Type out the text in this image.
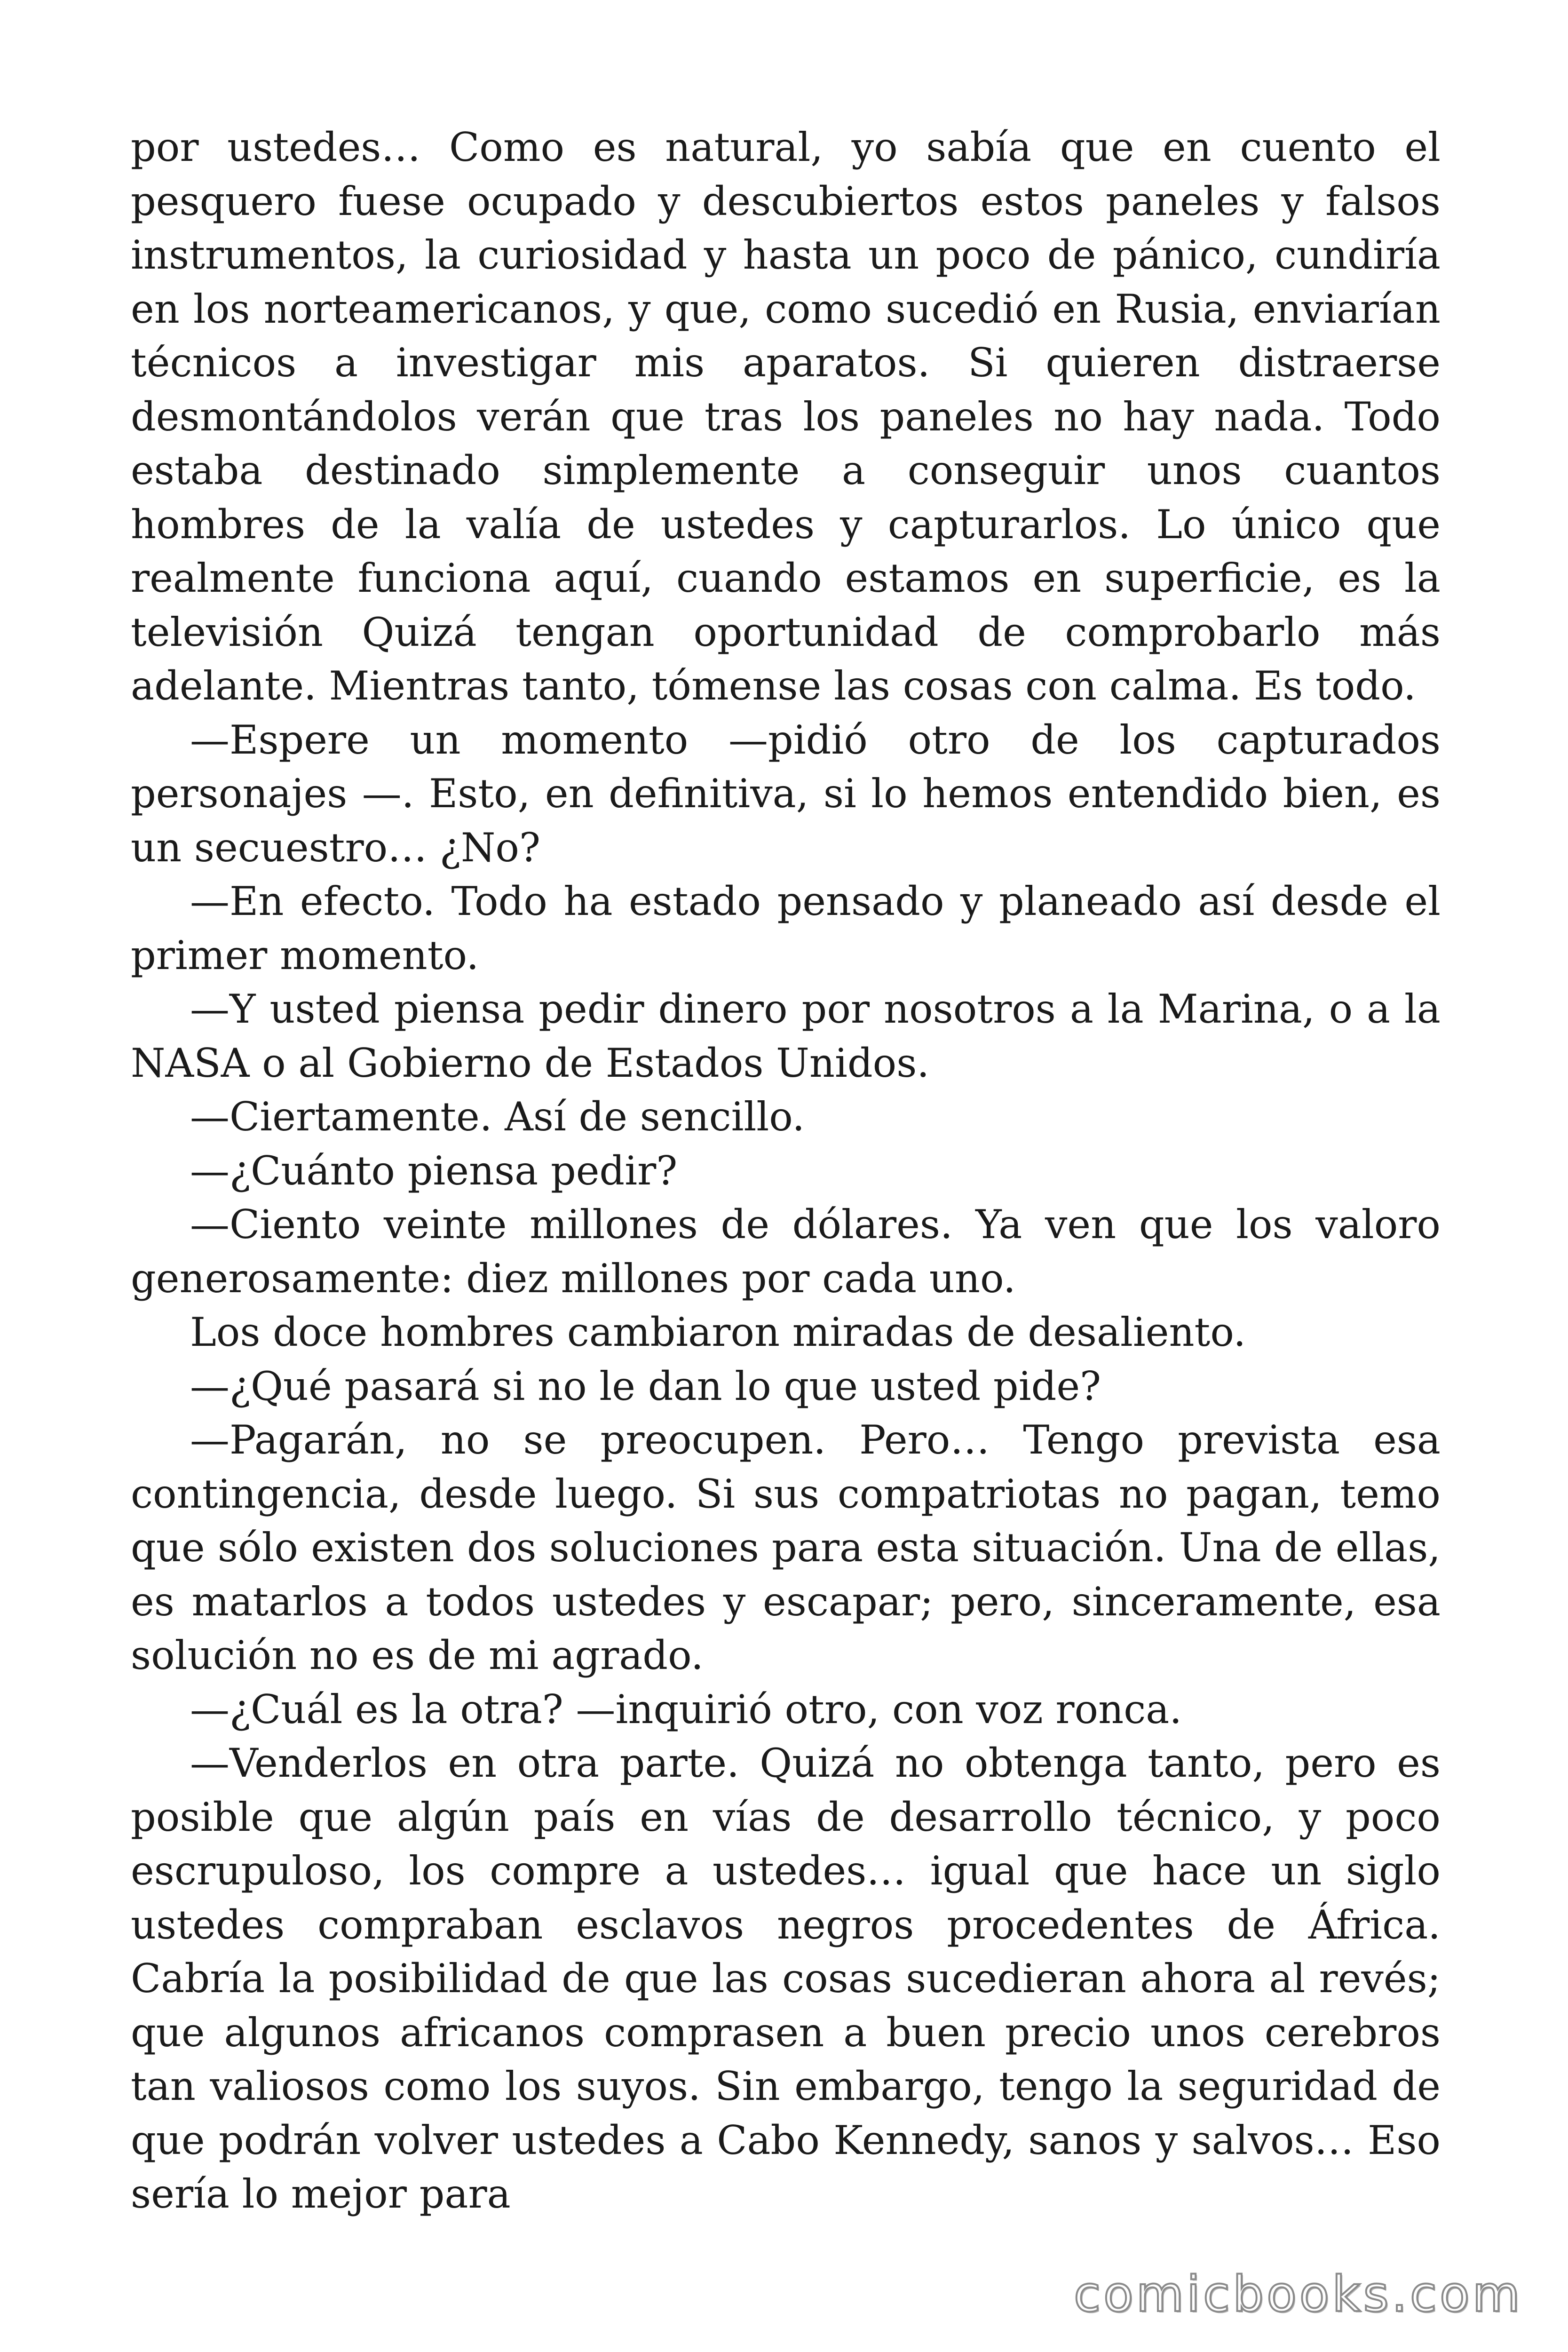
por ustedes… Como es natural, yo sabía que en cuento el pesquero fuese ocupado y descubiertos estos paneles y falsos instrumentos, la curiosidad y hasta un poco de pánico, cundiría en los norteamericanos, y que, como sucedió en Rusia, enviarían técnicos a investigar mis aparatos. Si quieren distraerse desmontándolos verán que tras los paneles no hay nada. Todo estaba destinado simplemente a conseguir unos cuantos hombres de la valía de ustedes y capturarlos. Lo único que realmente funciona aquí, cuando estamos en superficie, es la televisión Quizá tengan oportunidad de comprobarlo más adelante. Mientras tanto, tómense las cosas con calma. Es todo.

—Espere un momento —pidió otro de los capturados personajes —. Esto, en definitiva, si lo hemos entendido bien, es un secuestro… ¿No?

—En efecto. Todo ha estado pensado y planeado así desde el primer momento.

—Y usted piensa pedir dinero por nosotros a la Marina, o a la NASA o al Gobierno de Estados Unidos.

—Ciertamente. Así de sencillo.

—¿Cuánto piensa pedir?

—Ciento veinte millones de dólares. Ya ven que los valoro generosamente: diez millones por cada uno.

Los doce hombres cambiaron miradas de desaliento.

—¿Qué pasará si no le dan lo que usted pide?

—Pagarán, no se preocupen. Pero… Tengo prevista esa contingencia, desde luego. Si sus compatriotas no pagan, temo que sólo existen dos soluciones para esta situación. Una de ellas, es matarlos a todos ustedes y escapar; pero, sinceramente, esa solución no es de mi agrado.

—¿Cuál es la otra? —inquirió otro, con voz ronca.

—Venderlos en otra parte. Quizá no obtenga tanto, pero es posible que algún país en vías de desarrollo técnico, y poco escrupuloso, los compre a ustedes… igual que hace un siglo ustedes compraban esclavos negros procedentes de África. Cabría la posibilidad de que las cosas sucedieran ahora al revés; que algunos africanos comprasen a buen precio unos cerebros tan valiosos como los suyos. Sin embargo, tengo la seguridad de que podrán volver ustedes a Cabo Kennedy, sanos y salvos… Eso sería lo mejor para

comicbooks.com
